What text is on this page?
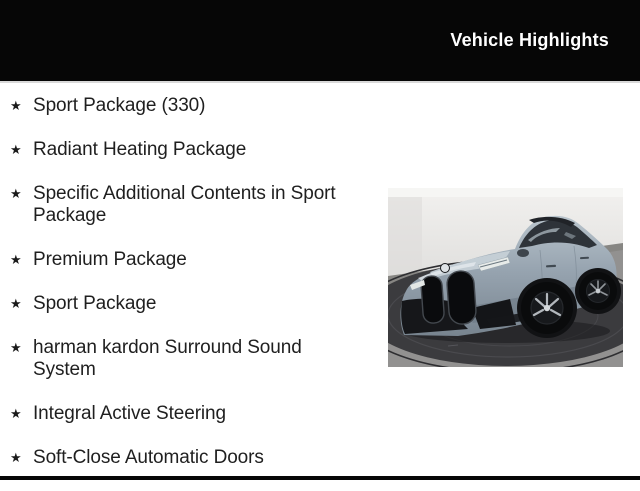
Vehicle Highlights
★ Sport Package (330)
★ Radiant Heating Package
★ Specific Additional Contents in Sport Package
★ Premium Package
★ Sport Package
★ harman kardon Surround Sound System
★ Integral Active Steering
★ Soft-Close Automatic Doors
